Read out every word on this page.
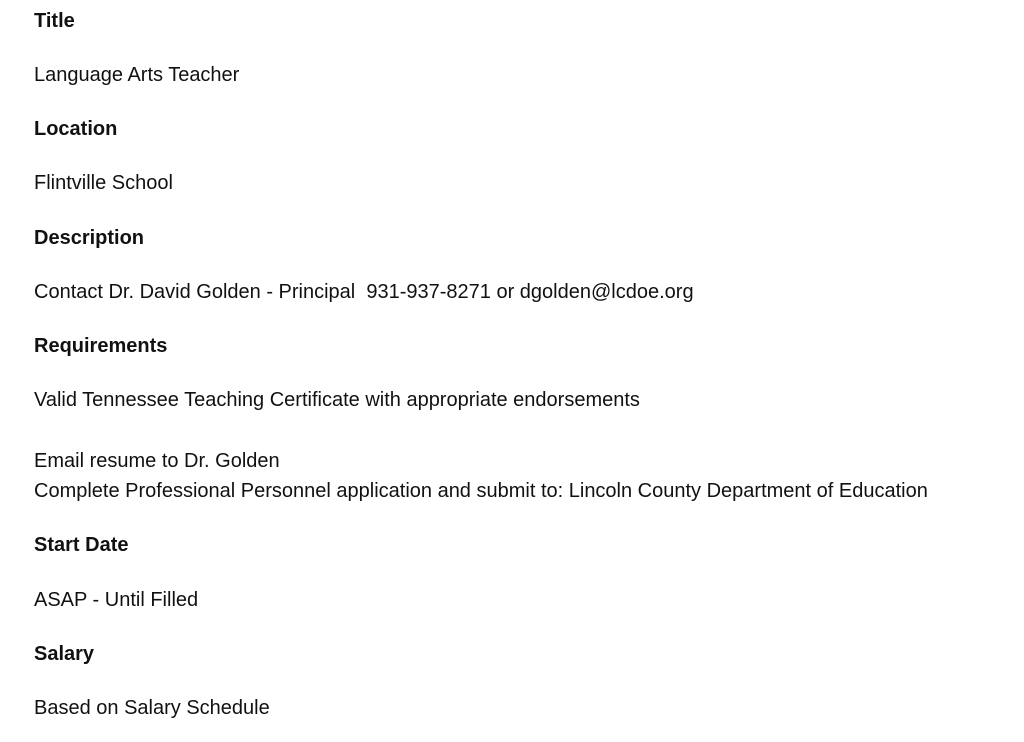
Title
Language Arts Teacher
Location
Flintville School
Description
Contact Dr. David Golden - Principal  931-937-8271 or dgolden@lcdoe.org
Requirements
Valid Tennessee Teaching Certificate with appropriate endorsements
Email resume to Dr. Golden
Complete Professional Personnel application and submit to: Lincoln County Department of Education
Start Date
ASAP - Until Filled
Salary
Based on Salary Schedule
